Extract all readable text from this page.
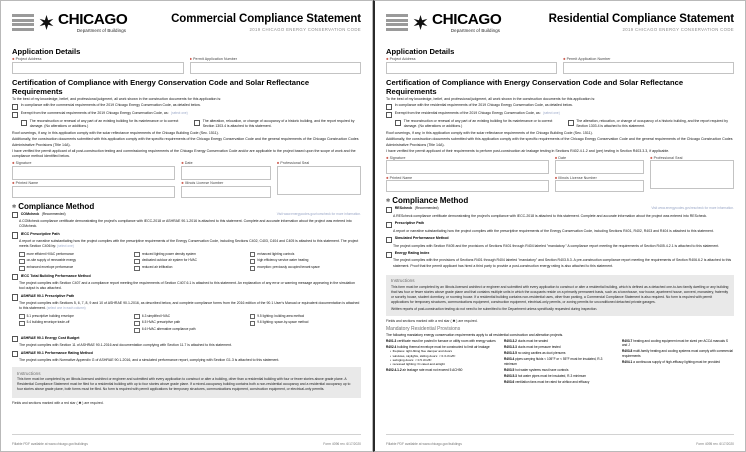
CHICAGO
Department of Buildings
Commercial Compliance Statement
2019 CHICAGO ENERGY CONSERVATION CODE
Application Details
✱ Project Address	✱ Permit Application Number
Certification of Compliance with Energy Conservation Code and Solar Reflectance Requirements
To the best of my knowledge, belief, and professional judgment, all work shown in the construction documents for this application is:
In compliance with the commercial requirements of the 2019 Chicago Energy Conservation Code, as detailed below.
Exempt from the commercial requirements of the 2019 Chicago Energy Conservation Code, as: (select one)
The reconstruction or renewal of any part of an existing building for its maintenance or to correct damage. (No alterations or additions.)
The alteration, relocation, or change of occupancy of a historic building, and the report required by Section 1303.4 is attached to this statement.
Roof coverings, if any, in this application comply with the solar reflectance requirements of the Chicago Building Code (Sec. 1511).
Additionally, the construction documents submitted with this application comply with the specific requirements of the Chicago Energy Conservation Code and the general requirements of the Chicago Construction Codes Administrative Provisions (Title 14A).
I have verified the permit applicant of all post-construction testing and commissioning requirements of the Chicago Energy Conservation Code and/or are applicable to the project based upon the scope of work and the compliance method identified below.
✱ Signature
✱ Printed Name
✱ Date
✱ Illinois License Number
✱ Professional Seal
✲ Compliance Method
COMcheck (Recommended)	Visit www.energycodes.gov/comcheck for more information.
A COMcheck compliance certificate demonstrating the project's compliance with IECC-2018 or ASHRAE 90.1-2016 is attached to this statement. Complete and accurate information about the project was entered into COMcheck.
IECC Prescriptive Path
A report or narrative substantiating how the project complies with the prescriptive requirements of the Energy Conservation Code, including Sections C402, C403, C404 and C405 is attached to this statement. The project meets Section C406 by: (select one)
more efficient HVAC performance
on-site supply of renewable energy
enhanced envelope performance
reduced lighting power density system
dedicated outdoor air system for HVAC
reduced air infiltration
enhanced lighting controls
high efficiency service water heating
exception: previously occupied tenant space
IECC Total Building Performance Method
The project complies with Section C407 and a compliance report meeting the requirements of Section C407.6.1 is attached to this statement. An explanation of any error or warning message appearing in the simulation tool output is also attached.
ASHRAE 90.1 Prescriptive Path
The project complies with Sections 5, 6, 7, 8, 9 and 10 of ASHRAE 90.1-2016, as described below, and complete compliance forms from the 2016 edition of the 90.1 User's Manual or equivalent documentation is attached to this statement. (select one in each column)
5.1 prescriptive building envelope
5.4 building envelope trade-off
6.3 simplified HVAC
6.5 HVAC prescriptive path
6.6 HVAC alternative compliance path
9.5 lighting: building area method
9.6 lighting: space-by-space method
ASHRAE 90.1 Energy Cost Budget
The project complies with Section 11 of ASHRAE 90.1-2016 and documentation complying with Section 11.7 is attached to this statement.
ASHRAE 90.1 Performance Rating Method
The project complies with Normative Appendix G of ASHRAE 90.1-2016, and a simulated performance report, complying with Section G1.3 is attached to this statement.
Instructions

This form must be completed by an Illinois-licensed architect or engineer and submitted with every application to construct or alter a building, other than a residential building with four or fewer stories above grade plane. A Residential Compliance Statement must be filed for a residential building with up to four stories above grade plane. If a mixed-occupancy building contains both a non-residential occupancy and a residential occupancy up to four stories above grade plane, both forms must be filed. No form is required with permit applications for temporary structures, communications equipment, construction equipment, or electrical-only permits.

Fields and sections marked with a red star ( ✱ ) are required.
Fillable PDF available at www.chicago.gov/buildings	Form 4096 rev. 6/17/2020
CHICAGO
Department of Buildings
Residential Compliance Statement
2019 CHICAGO ENERGY CONSERVATION CODE
Application Details
✱ Project Address	✱ Permit Application Number
Certification of Compliance with Energy Conservation Code and Solar Reflectance Requirements
To the best of my knowledge, belief, and professional judgment, all work shown in the construction documents for this application is:
In compliance with the residential requirements of the 2019 Chicago Energy Conservation Code, as detailed below.
Exempt from the residential requirements of the 2019 Chicago Energy Conservation Code, as: (select one)
The reconstruction or renewal of any part of an existing building for its maintenance or to correct damage. (No alterations or additions.)
The alteration, relocation, or change of occupancy of a historic building, and the report required by Section 1303.4 is attached to this statement.
Roof coverings, if any, in this application comply with the solar reflectance requirements of the Chicago Building Code (Sec. 1511).
Additionally, the construction documents submitted with this application comply with the specific requirements of the Chicago Energy Conservation Code and the general requirements of the Chicago Construction Codes Administrative Provisions (Title 14A).
I have verified the permit applicant of their requirements to perform post-construction air leakage testing in Sections R402.4.1.2 and (per) testing in Section R403.3.3, if applicable.
✱ Signature
✱ Printed Name
✱ Date
✱ Illinois License Number
✱ Professional Seal
✲ Compliance Method
REScheck (Recommended)	Visit www.energycodes.gov/rescheck for more information.
A REScheck compliance certificate demonstrating the project's compliance with IECC-2018 is attached to this statement. Complete and accurate information about the project was entered into REScheck.
Prescriptive Path
A report or narrative substantiating how the project complies with the prescriptive requirements of the Energy Conservation Code, including Sections R401, R402, R403 and R404 is attached to this statement.
Simulated Performance Method
The project complies with Section R405 and the provisions of Sections R401 through R404 labeled "mandatory." A compliance report meeting the requirements of Section R405.4.2.1 is attached to this statement.
Energy Rating Index
The project complies with the provisions of Sections R401 through R404 labeled "mandatory" and Section R403.5.3. A pre-construction compliance report meeting the requirements of Section R406.6.2 is attached to this statement. Proof that the permit applicant has hired a third party to provide a post-construction energy rating is also attached to this statement.
Instructions

This form must be completed by an Illinois-licensed architect or engineer and submitted with every application to construct or alter a residential building, which is defined as a detached one-to-two family dwelling or any building that has four or fewer stories above grade plane and that contains multiple units in which the occupants reside on a primarily permanent basis, such as a townhouse, row house, apartment house, convent, monastery, fraternity or sorority house, student dormitory, or rooming house. If a residential building contains non-residential uses, other than parking, a Commercial Compliance Statement is also required. No form is required with permit applications for temporary structures, communications equipment, construction equipment, electrical-only permits, or zoning permits for unconditioned detached private garages.

Written reports of post-construction testing do not need to be submitted to the Department unless specifically requested during inspection.

Fields and sections marked with a red star ( ✱ ) are required.
Mandatory Residential Provisions
The following mandatory energy conservation requirements apply to all residential construction and alteration projects.
R401.3 certificate must be posted in furnace or utility room with energy values
R402.4 building thermal envelope must be constructed to limit air leakage
• fireplace: tight-fitting flue damper and doors
• windows, skylights, sliding doors: < 0.3 cfm/ft²
• swinging doors: < 0.5 cfm/ft²
• recessed lighting: IC-rated and airtight
R402.4.1.2 air leakage rate must not exceed 5 ACH50
R403.3.2 ducts must be sealed
R403.3.3 ducts must be pressure tested
R403.3.5 no using cavities as duct plenums
R403.4 pipes carrying fluids < 105°F or < 55°F must be insulated, R-3 minimum
R403.5 hot water systems must have controls
R403.5.3 hot water pipes must be insulated, R-3 minimum
R403.6 ventilation fans must be rated for airflow and efficacy
R403.7 heating and cooling equipment must be sized per ACCA manuals S and J
R403.8 multi-family heating and cooling systems must comply with commercial requirements
R404.1 a continuous supply of high-efficacy lighting must be provided
Fillable PDF available at www.chicago.gov/buildings	Form 4095 rev. 6/17/2020
